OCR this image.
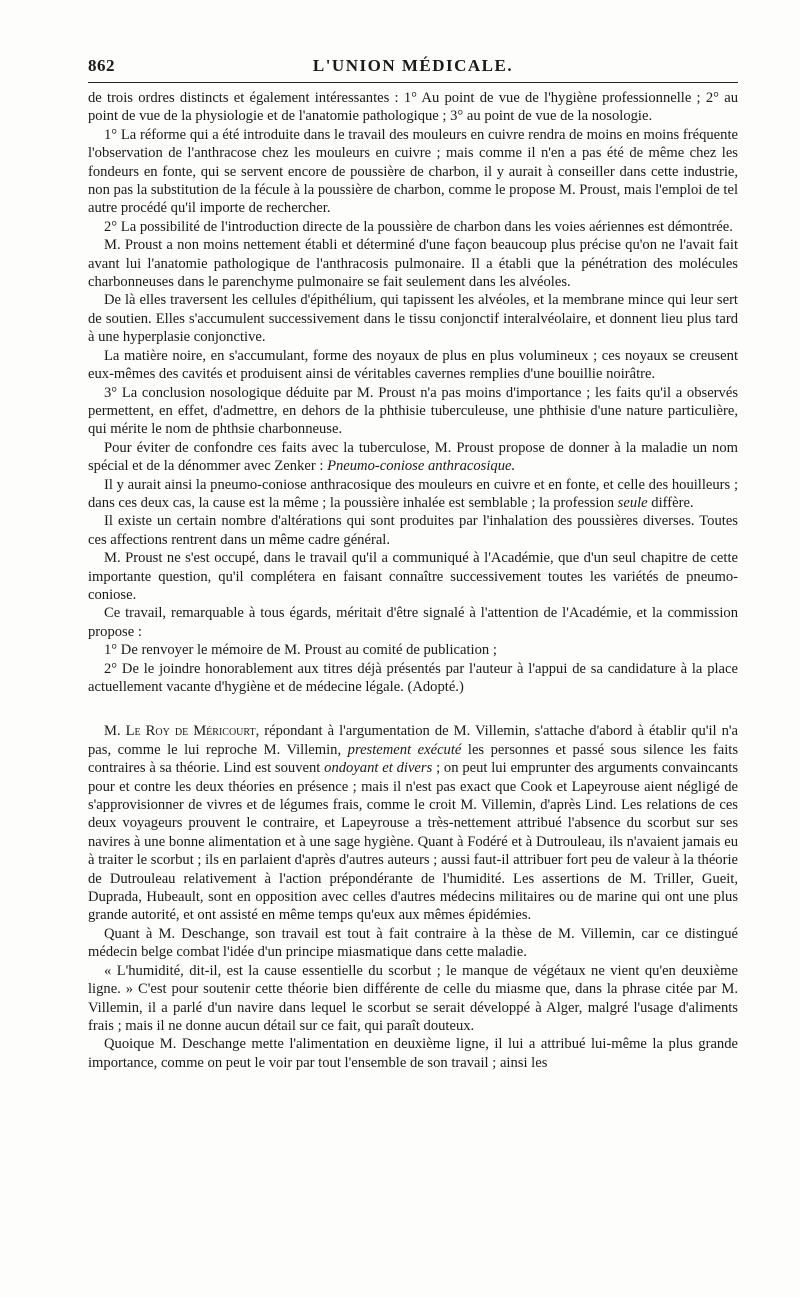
862	L'UNION MÉDICALE.

de trois ordres distincts et également intéressantes : 1° Au point de vue de l'hygiène professionnelle ; 2° au point de vue de la physiologie et de l'anatomie pathologique ; 3° au point de vue de la nosologie.

1° La réforme qui a été introduite dans le travail des mouleurs en cuivre rendra de moins en moins fréquente l'observation de l'anthracose chez les mouleurs en cuivre ; mais comme il n'en a pas été de même chez les fondeurs en fonte, qui se servent encore de poussière de charbon, il y aurait à conseiller dans cette industrie, non pas la substitution de la fécule à la poussière de charbon, comme le propose M. Proust, mais l'emploi de tel autre procédé qu'il importe de rechercher.

2° La possibilité de l'introduction directe de la poussière de charbon dans les voies aériennes est démontrée.

M. Proust a non moins nettement établi et déterminé d'une façon beaucoup plus précise qu'on ne l'avait fait avant lui l'anatomie pathologique de l'anthracosis pulmonaire. Il a établi que la pénétration des molécules charbonneuses dans le parenchyme pulmonaire se fait seulement dans les alvéoles.

De là elles traversent les cellules d'épithélium, qui tapissent les alvéoles, et la membrane mince qui leur sert de soutien. Elles s'accumulent successivement dans le tissu conjonctif interalvéolaire, et donnent lieu plus tard à une hyperplasie conjonctive.

La matière noire, en s'accumulant, forme des noyaux de plus en plus volumineux ; ces noyaux se creusent eux-mêmes des cavités et produisent ainsi de véritables cavernes remplies d'une bouillie noirâtre.

3° La conclusion nosologique déduite par M. Proust n'a pas moins d'importance ; les faits qu'il a observés permettent, en effet, d'admettre, en dehors de la phthisie tuberculeuse, une phthisie d'une nature particulière, qui mérite le nom de phthsie charbonneuse.

Pour éviter de confondre ces faits avec la tuberculose, M. Proust propose de donner à la maladie un nom spécial et de la dénommer avec Zenker : Pneumo-coniose anthracosique.

Il y aurait ainsi la pneumo-coniose anthracosique des mouleurs en cuivre et en fonte, et celle des houilleurs ; dans ces deux cas, la cause est la même ; la poussière inhalée est semblable ; la profession seule diffère.

Il existe un certain nombre d'altérations qui sont produites par l'inhalation des poussières diverses. Toutes ces affections rentrent dans un même cadre général.

M. Proust ne s'est occupé, dans le travail qu'il a communiqué à l'Académie, que d'un seul chapitre de cette importante question, qu'il complétera en faisant connaître successivement toutes les variétés de pneumo-coniose.

Ce travail, remarquable à tous égards, méritait d'être signalé à l'attention de l'Académie, et la commission propose :

1° De renvoyer le mémoire de M. Proust au comité de publication ;

2° De le joindre honorablement aux titres déjà présentés par l'auteur à l'appui de sa candidature à la place actuellement vacante d'hygiène et de médecine légale. (Adopté.)

M. Le Roy de Méricourt, répondant à l'argumentation de M. Villemin, s'attache d'abord à établir qu'il n'a pas, comme le lui reproche M. Villemin, prestement exécuté les personnes et passé sous silence les faits contraires à sa théorie. Lind est souvent ondoyant et divers ; on peut lui emprunter des arguments convaincants pour et contre les deux théories en présence ; mais il n'est pas exact que Cook et Lapeyrouse aient négligé de s'approvisionner de vivres et de légumes frais, comme le croit M. Villemin, d'après Lind. Les relations de ces deux voyageurs prouvent le contraire, et Lapeyrouse a très-nettement attribué l'absence du scorbut sur ses navires à une bonne alimentation et à une sage hygiène. Quant à Fodéré et à Dutrouleau, ils n'avaient jamais eu à traiter le scorbut ; ils en parlaient d'après d'autres auteurs ; aussi faut-il attribuer fort peu de valeur à la théorie de Dutrouleau relativement à l'action prépondérante de l'humidité. Les assertions de M. Triller, Gueit, Duprada, Hubeault, sont en opposition avec celles d'autres médecins militaires ou de marine qui ont une plus grande autorité, et ont assisté en même temps qu'eux aux mêmes épidémies.

Quant à M. Deschange, son travail est tout à fait contraire à la thèse de M. Villemin, car ce distingué médecin belge combat l'idée d'un principe miasmatique dans cette maladie.

« L'humidité, dit-il, est la cause essentielle du scorbut ; le manque de végétaux ne vient qu'en deuxième ligne. » C'est pour soutenir cette théorie bien différente de celle du miasme que, dans la phrase citée par M. Villemin, il a parlé d'un navire dans lequel le scorbut se serait développé à Alger, malgré l'usage d'aliments frais ; mais il ne donne aucun détail sur ce fait, qui paraît douteux.

Quoique M. Deschange mette l'alimentation en deuxième ligne, il lui a attribué lui-même la plus grande importance, comme on peut le voir par tout l'ensemble de son travail ; ainsi les
